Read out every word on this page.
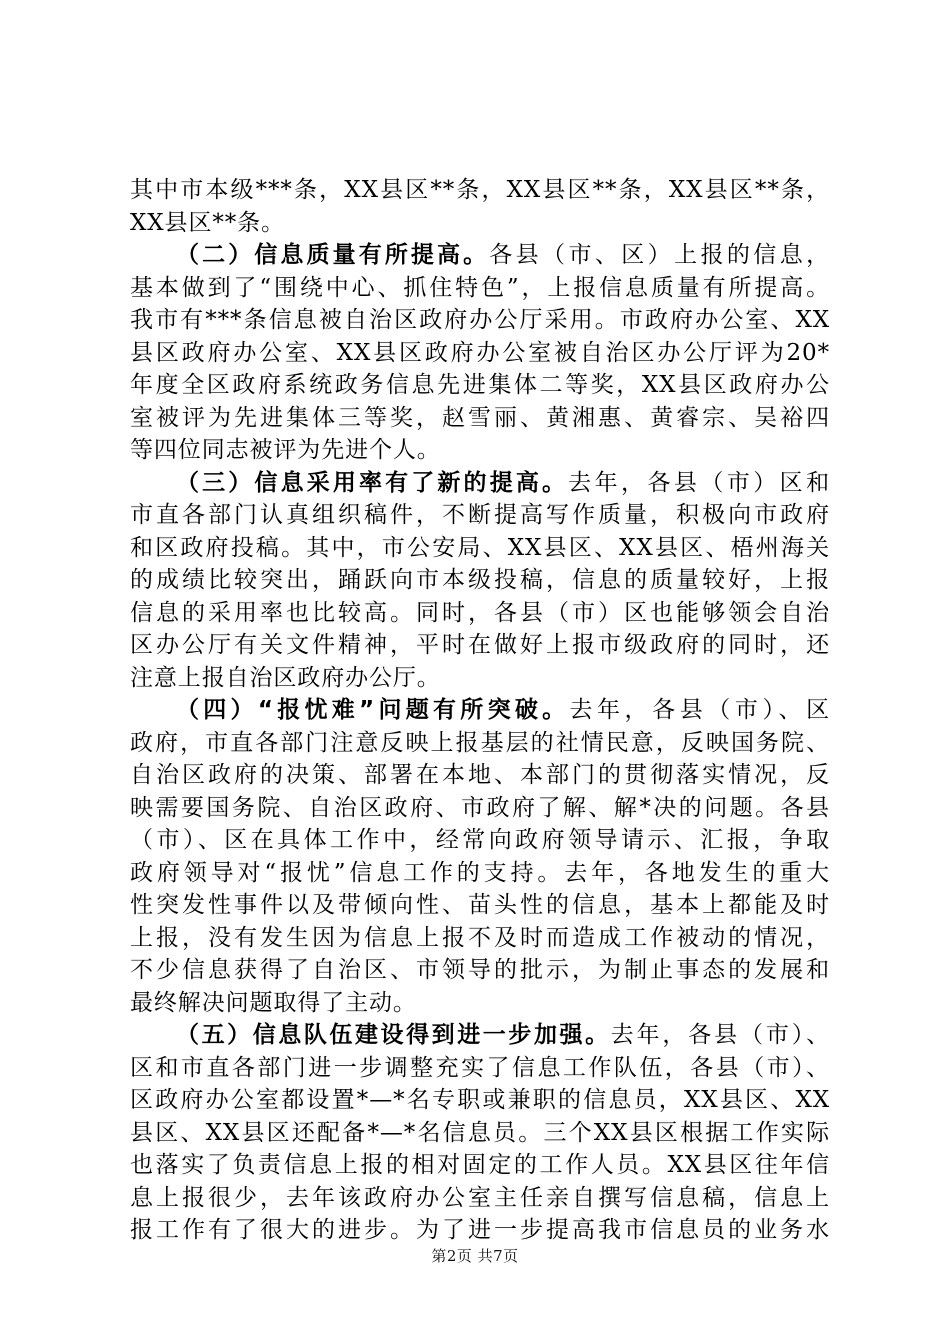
其中市本级***条，XX县区**条，XX县区**条，XX县区**条，
XX县区**条。
（二）信息质量有所提高。各县（市、区）上报的信息，
基本做到了“围绕中心、抓住特色”，上报信息质量有所提高。
我市有***条信息被自治区政府办公厅采用。市政府办公室、XX
县区政府办公室、XX县区政府办公室被自治区办公厅评为20*
年度全区政府系统政务信息先进集体二等奖，XX县区政府办公
室被评为先进集体三等奖，赵雪丽、黄湘惠、黄睿宗、吴裕四
等四位同志被评为先进个人。
（三）信息采用率有了新的提高。去年，各县（市）区和
市直各部门认真组织稿件，不断提高写作质量，积极向市政府
和区政府投稿。其中，市公安局、XX县区、XX县区、梧州海关
的成绩比较突出，踊跃向市本级投稿，信息的质量较好，上报
信息的采用率也比较高。同时，各县（市）区也能够领会自治
区办公厅有关文件精神，平时在做好上报市级政府的同时，还
注意上报自治区政府办公厅。
（四）“报忧难”问题有所突破。去年，各县（市）、区
政府，市直各部门注意反映上报基层的社情民意，反映国务院、
自治区政府的决策、部署在本地、本部门的贯彻落实情况，反
映需要国务院、自治区政府、市政府了解、解*决的问题。各县
（市）、区在具体工作中，经常向政府领导请示、汇报，争取
政府领导对“报忧”信息工作的支持。去年，各地发生的重大
性突发性事件以及带倾向性、苗头性的信息，基本上都能及时
上报，没有发生因为信息上报不及时而造成工作被动的情况，
不少信息获得了自治区、市领导的批示，为制止事态的发展和
最终解决问题取得了主动。
（五）信息队伍建设得到进一步加强。去年，各县（市）、
区和市直各部门进一步调整充实了信息工作队伍，各县（市）、
区政府办公室都设置*—*名专职或兼职的信息员，XX县区、XX
县区、XX县区还配备*—*名信息员。三个XX县区根据工作实际
也落实了负责信息上报的相对固定的工作人员。XX县区往年信
息上报很少，去年该政府办公室主任亲自撰写信息稿，信息上
报工作有了很大的进步。为了进一步提高我市信息员的业务水
第2页 共7页
